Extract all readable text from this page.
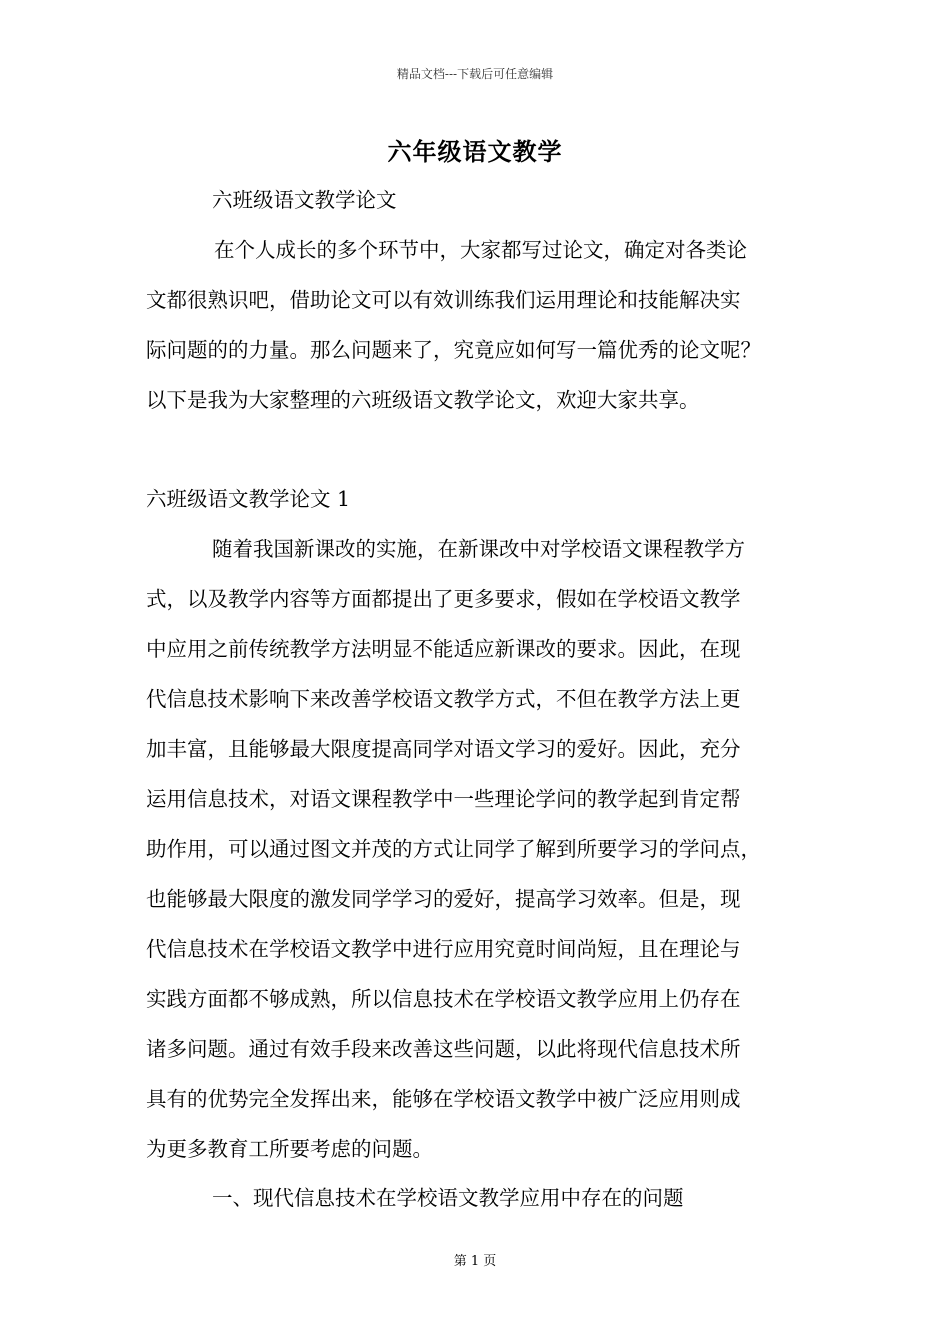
精品文档---下载后可任意编辑
六年级语文教学
六班级语文教学论文
在个人成长的多个环节中，大家都写过论文，确定对各类论
文都很熟识吧，借助论文可以有效训练我们运用理论和技能解决实
际问题的的力量。那么问题来了，究竟应如何写一篇优秀的论文呢？
以下是我为大家整理的六班级语文教学论文，欢迎大家共享。
六班级语文教学论文 1
随着我国新课改的实施，在新课改中对学校语文课程教学方
式，以及教学内容等方面都提出了更多要求，假如在学校语文教学
中应用之前传统教学方法明显不能适应新课改的要求。因此，在现
代信息技术影响下来改善学校语文教学方式，不但在教学方法上更
加丰富，且能够最大限度提高同学对语文学习的爱好。因此，充分
运用信息技术，对语文课程教学中一些理论学问的教学起到肯定帮
助作用，可以通过图文并茂的方式让同学了解到所要学习的学问点，
也能够最大限度的激发同学学习的爱好，提高学习效率。但是，现
代信息技术在学校语文教学中进行应用究竟时间尚短，且在理论与
实践方面都不够成熟，所以信息技术在学校语文教学应用上仍存在
诸多问题。通过有效手段来改善这些问题，以此将现代信息技术所
具有的优势完全发挥出来，能够在学校语文教学中被广泛应用则成
为更多教育工所要考虑的问题。
一、现代信息技术在学校语文教学应用中存在的问题
第 1 页
